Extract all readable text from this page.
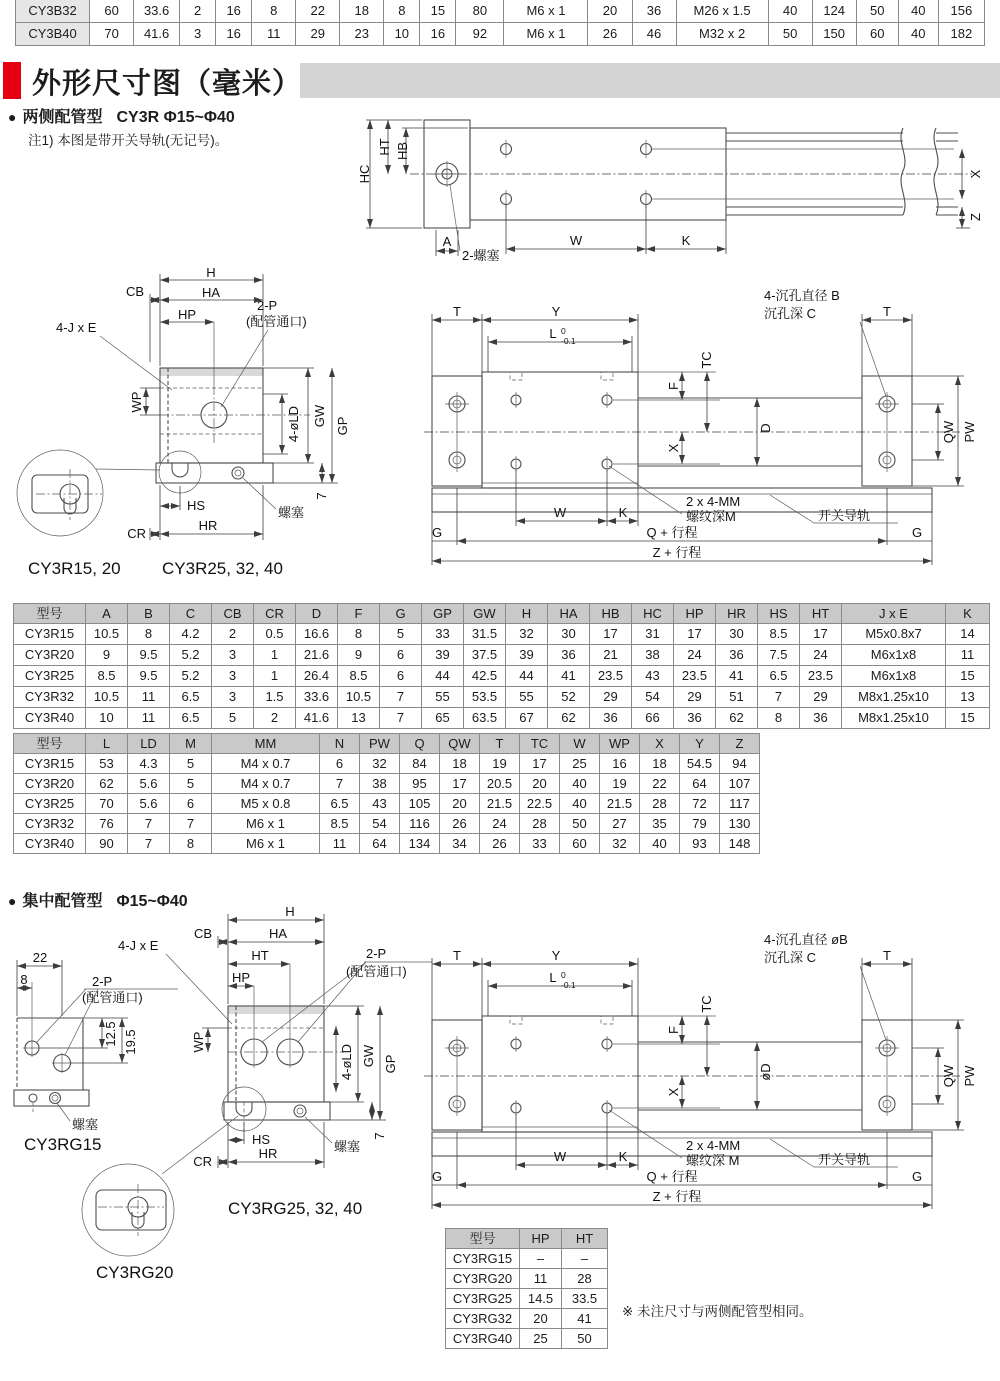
CY3B32	60	33.6	2	16	8	22	18	8	15	80	M6 x 1	20	36	M26 x 1.5	40	124	50	40	156
CY3B40	70	41.6	3	16	11	29	23	10	16	92	M6 x 1	26	46	M32 x 2	50	150	60	40	182
外形尺寸图（毫米）
● 两侧配管型 CY3R Φ15~Φ40
注1) 本图是带开关导轨(无记号)。
HC
HT HB
A	W	K
X
Z
2-螺塞
H
CB	HA
HP
4-J x E
2-P
(配管通口)
WP
4-øLD GW GP
7
HS
CR
HR
螺塞
CY3R15, 20 CY3R25, 32, 40
T	Y	T
L 0
-0.1
TC
F
X
D	QW PW
4-沉孔直径 B
沉孔深 C
W	K
G	G
Q + 行程
Z + 行程
2 x 4-MM
螺纹深M	开关导轨
型号	A	B	C	CB	CR	D	F	G	GP	GW	H	HA	HB	HC	HP	HR	HS	HT	J x E	K
CY3R15	10.5	8	4.2	2	0.5	16.6	8	5	33	31.5	32	30	17	31	17	30	8.5	17	M5x0.8x7	14
CY3R20	9	9.5	5.2	3	1	21.6	9	6	39	37.5	39	36	21	38	24	36	7.5	24	M6x1x8	11
CY3R25	8.5	9.5	5.2	3	1	26.4	8.5	6	44	42.5	44	41	23.5	43	23.5	41	6.5	23.5	M6x1x8	15
CY3R32	10.5	11	6.5	3	1.5	33.6	10.5	7	55	53.5	55	52	29	54	29	51	7	29	M8x1.25x10	13
CY3R40	10	11	6.5	5	2	41.6	13	7	65	63.5	67	62	36	66	36	62	8	36	M8x1.25x10	15
型号	L	LD	M	MM	N	PW	Q	QW	T	TC	W	WP	X	Y	Z
CY3R15	53	4.3	5	M4 x 0.7	6	32	84	18	19	17	25	16	18	54.5	94
CY3R20	62	5.6	5	M4 x 0.7	7	38	95	17	20.5	20	40	19	22	64	107
CY3R25	70	5.6	6	M5 x 0.8	6.5	43	105	20	21.5	22.5	40	21.5	28	72	117
CY3R32	76	7	7	M6 x 1	8.5	54	116	26	24	28	50	27	35	79	130
CY3R40	90	7	8	M6 x 1	11	64	134	34	26	33	60	32	40	93	148
● 集中配管型 Φ15~Φ40
22
8	2-P
(配管通口)
12.5 19.5
螺塞
CY3RG15
H
CB	HA
HT
HP
4-J x E
2-P
(配管通口)
WP
4-øLD GW GP
7
HS
CR
HR	螺塞
CY3RG25, 32, 40
CY3RG20
T	Y	T
L 0
-0.1
TC
F
X
øD	QW PW
4-沉孔直径 øB
沉孔深 C
W	K
G	G
Q + 行程
Z + 行程
2 x 4-MM
螺纹深 M	开关导轨
型号	HP	HT
CY3RG15	–	–
CY3RG20	11	28
CY3RG25	14.5	33.5
CY3RG32	20	41
CY3RG40	25	50
※ 未注尺寸与两侧配管型相同。
